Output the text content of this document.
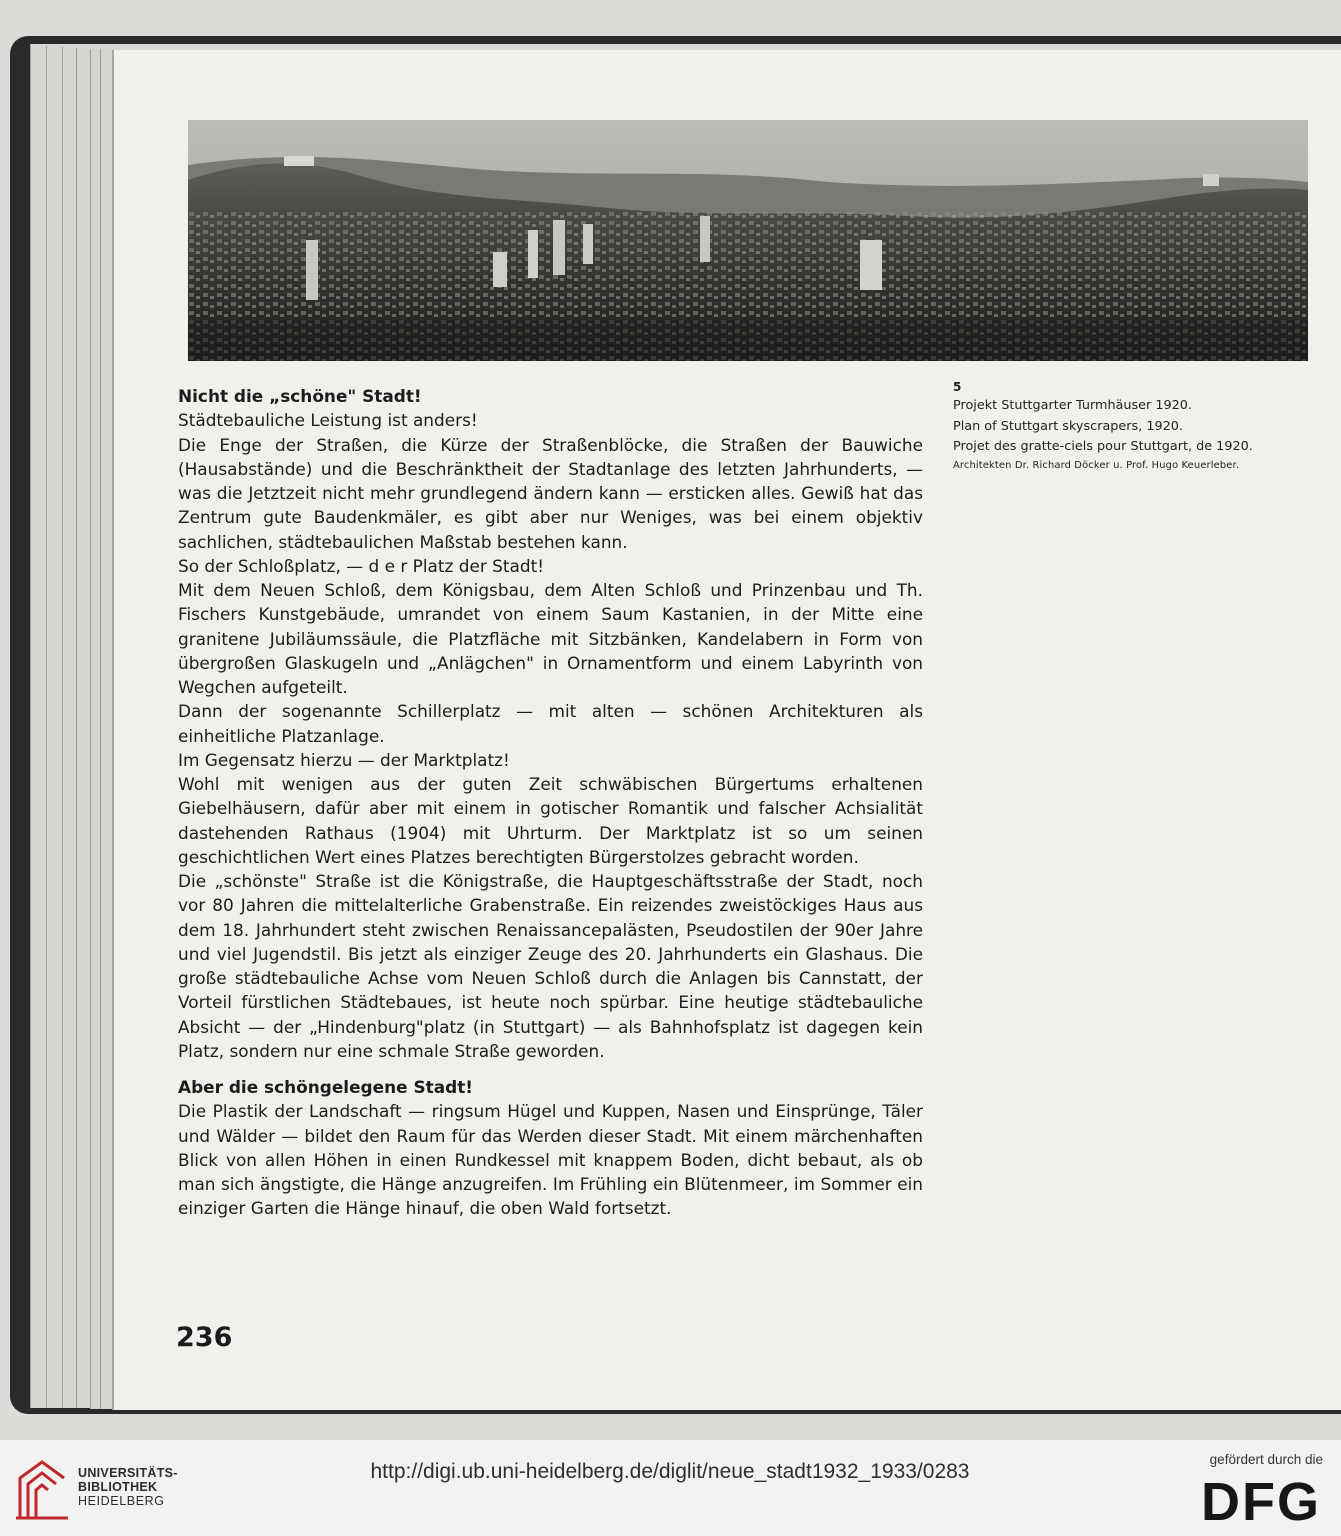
Nicht die „schöne" Stadt!
Städtebauliche Leistung ist anders!
Die Enge der Straßen, die Kürze der Straßenblöcke, die Straßen der Bauwiche (Hausabstände) und die Beschränktheit der Stadtanlage des letzten Jahrhunderts, — was die Jetztzeit nicht mehr grundlegend ändern kann — ersticken alles. Gewiß hat das Zentrum gute Baudenkmäler, es gibt aber nur Weniges, was bei einem objektiv sachlichen, städtebaulichen Maßstab bestehen kann.
So der Schloßplatz, — d e r Platz der Stadt!
Mit dem Neuen Schloß, dem Königsbau, dem Alten Schloß und Prinzenbau und Th. Fischers Kunstgebäude, umrandet von einem Saum Kastanien, in der Mitte eine granitene Jubiläumssäule, die Platzfläche mit Sitzbänken, Kandelabern in Form von übergroßen Glaskugeln und „Anlägchen" in Ornamentform und einem Labyrinth von Wegchen aufgeteilt.
Dann der sogenannte Schillerplatz — mit alten — schönen Architekturen als einheitliche Platzanlage.
Im Gegensatz hierzu — der Marktplatz!
Wohl mit wenigen aus der guten Zeit schwäbischen Bürgertums erhaltenen Giebelhäusern, dafür aber mit einem in gotischer Romantik und falscher Achsialität dastehenden Rathaus (1904) mit Uhrturm. Der Marktplatz ist so um seinen geschichtlichen Wert eines Platzes berechtigten Bürgerstolzes gebracht worden.
Die „schönste" Straße ist die Königstraße, die Hauptgeschäftsstraße der Stadt, noch vor 80 Jahren die mittelalterliche Grabenstraße. Ein reizendes zweistöckiges Haus aus dem 18. Jahrhundert steht zwischen Renaissancepalästen, Pseudostilen der 90er Jahre und viel Jugendstil. Bis jetzt als einziger Zeuge des 20. Jahrhunderts ein Glashaus. Die große städtebauliche Achse vom Neuen Schloß durch die Anlagen bis Cannstatt, der Vorteil fürstlichen Städtebaues, ist heute noch spürbar. Eine heutige städtebauliche Absicht — der „Hindenburg"platz (in Stuttgart) — als Bahnhofsplatz ist dagegen kein Platz, sondern nur eine schmale Straße geworden.
Aber die schöngelegene Stadt!
Die Plastik der Landschaft — ringsum Hügel und Kuppen, Nasen und Einsprünge, Täler und Wälder — bildet den Raum für das Werden dieser Stadt. Mit einem märchenhaften Blick von allen Höhen in einen Rundkessel mit knappem Boden, dicht bebaut, als ob man sich ängstigte, die Hänge anzugreifen. Im Frühling ein Blütenmeer, im Sommer ein einziger Garten die Hänge hinauf, die oben Wald fortsetzt.
5
Projekt Stuttgarter Turmhäuser 1920.
Plan of Stuttgart skyscrapers, 1920.
Projet des gratte-ciels pour Stuttgart, de 1920.
Architekten Dr. Richard Döcker u. Prof. Hugo Keuerleber.
236
UNIVERSITÄTS-
BIBLIOTHEK
HEIDELBERG
http://digi.ub.uni-heidelberg.de/diglit/neue_stadt1932_1933/0283
gefördert durch die
DFG
